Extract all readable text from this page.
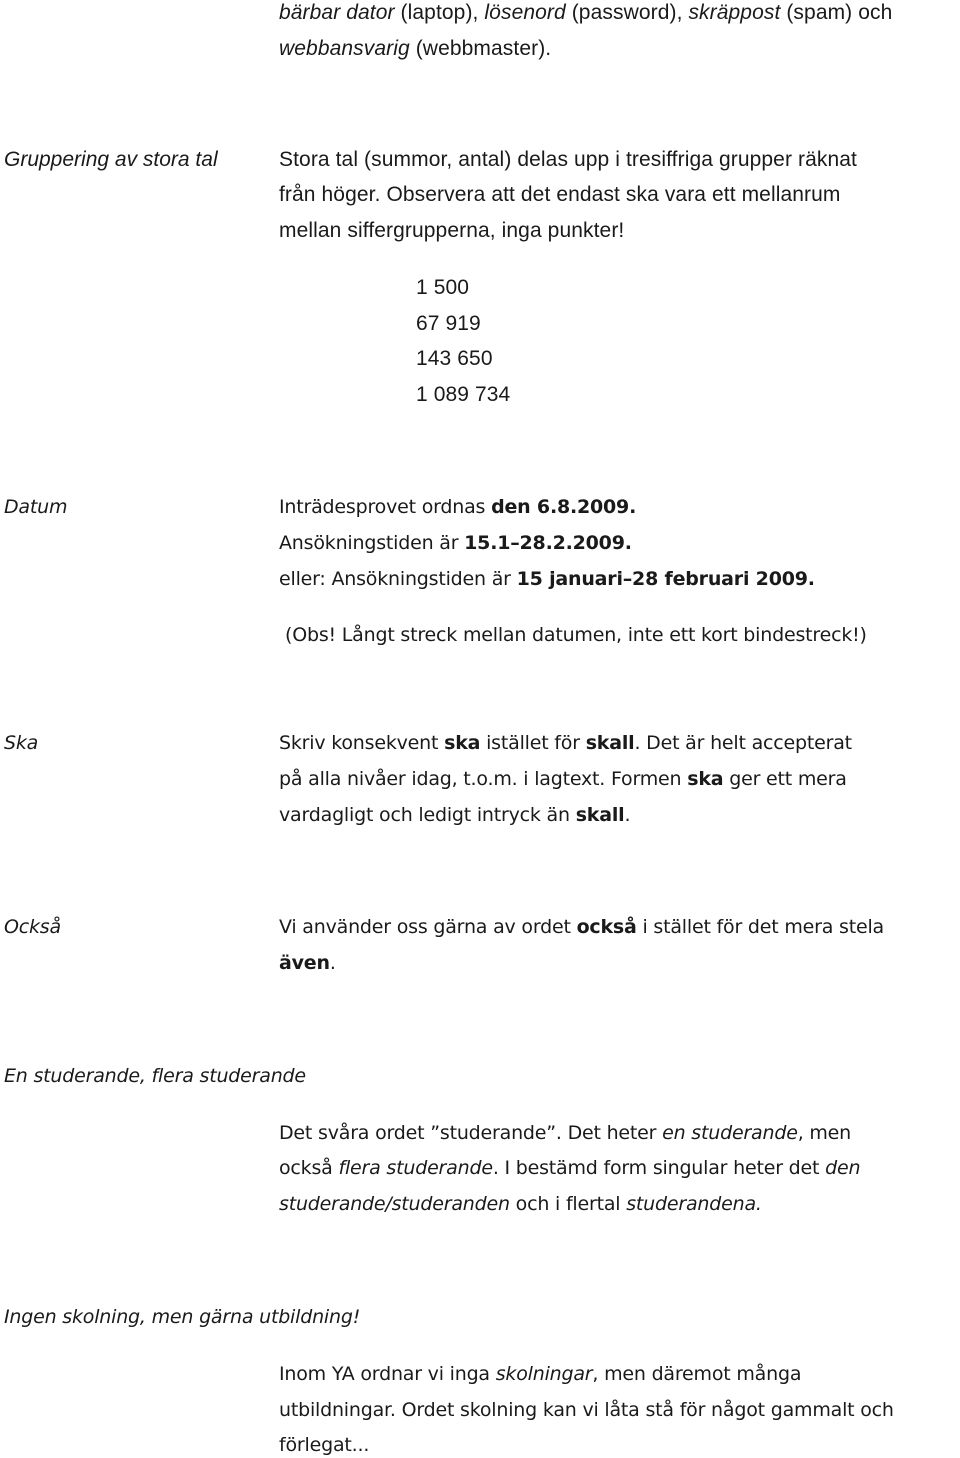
bärbar dator (laptop), lösenord (password), skräppost (spam) och
webbansvarig (webbmaster).
Gruppering av stora tal	Stora tal (summor, antal) delas upp i tresiffriga grupper räknat
från höger. Observera att det endast ska vara ett mellanrum
mellan siffergrupperna, inga punkter!
1 500
67 919
143 650
1 089 734
Datum	Inträdesprovet ordnas den 6.8.2009.
Ansökningstiden är 15.1–28.2.2009.
eller: Ansökningstiden är 15 januari–28 februari 2009.
(Obs! Långt streck mellan datumen, inte ett kort bindestreck!)
Ska	Skriv konsekvent ska istället för skall. Det är helt accepterat
på alla nivåer idag, t.o.m. i lagtext. Formen ska ger ett mera
vardagligt och ledigt intryck än skall.
Också	Vi använder oss gärna av ordet också i stället för det mera stela
även.
En studerande, flera studerande
Det svåra ordet ”studerande”. Det heter en studerande, men
också flera studerande. I bestämd form singular heter det den
studerande/studeranden och i flertal studerandena.
Ingen skolning, men gärna utbildning!
Inom YA ordnar vi inga skolningar, men däremot många
utbildningar. Ordet skolning kan vi låta stå för något gammalt och
förlegat...
